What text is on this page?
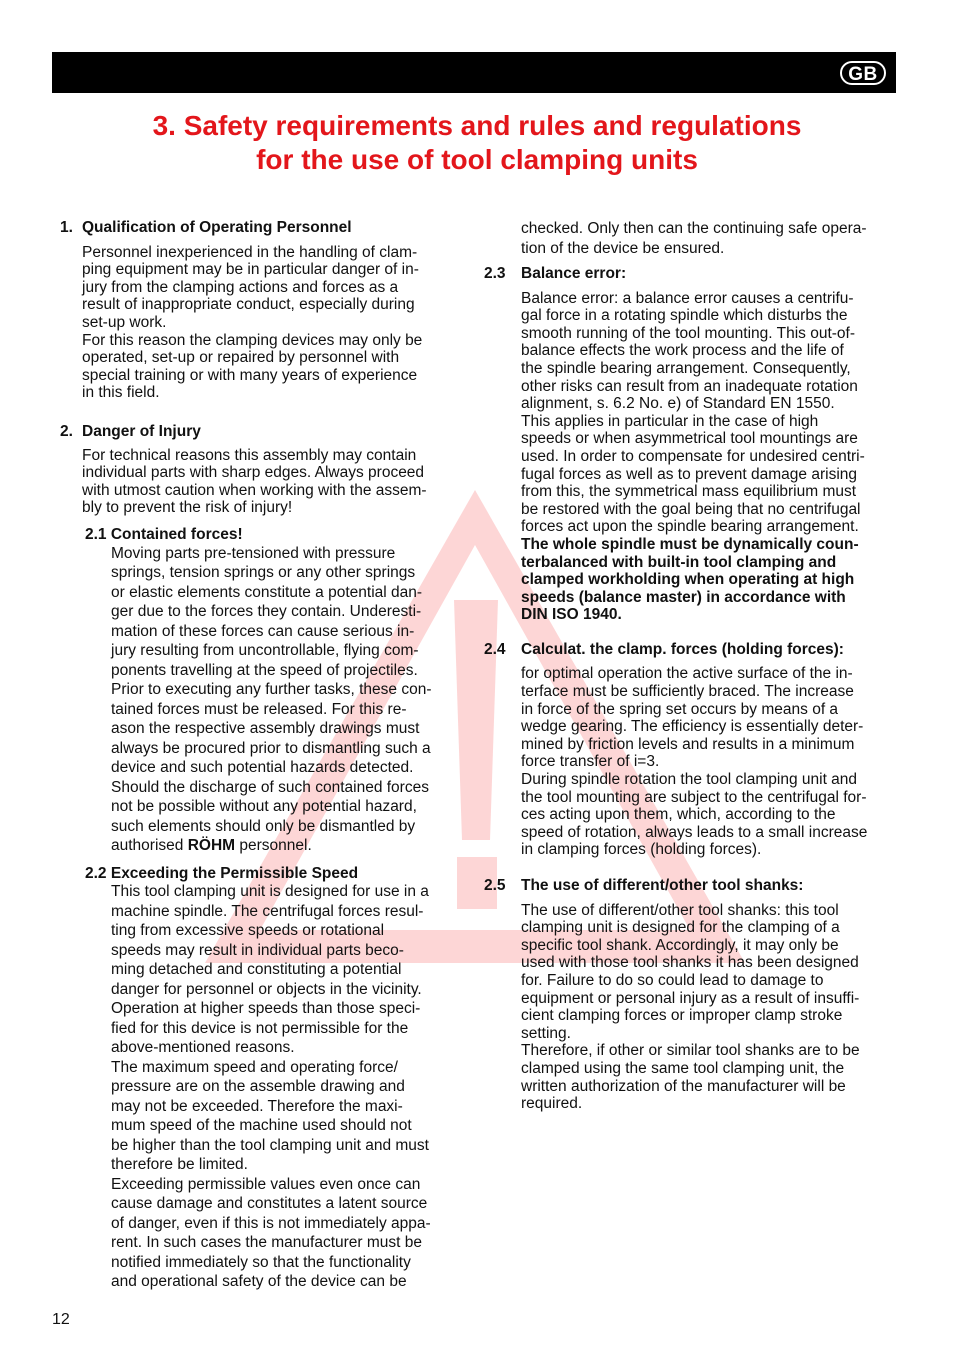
GB
3. Safety requirements and rules and regulations
for the use of tool clamping units
1. Qualification of Operating Personnel
Personnel inexperienced in the handling of clam-
ping equipment may be in particular danger of in-
jury from the clamping actions and forces as a
result of inappropriate conduct, especially during
set-up work.
For this reason the clamping devices may only be
operated, set-up or repaired by personnel with
special training or with many years of experience
in this field.
2. Danger of Injury
For technical reasons this assembly may contain
individual parts with sharp edges. Always proceed
with utmost caution when working with the assem-
bly to prevent the risk of injury!
2.1 Contained forces!
Moving parts pre-tensioned with pressure
springs, tension springs or any other springs
or elastic elements constitute a potential dan-
ger due to the forces they contain. Underesti-
mation of these forces can cause serious in-
jury resulting from uncontrollable, flying com-
ponents travelling at the speed of projectiles.
Prior to executing any further tasks, these con-
tained forces must be released. For this re-
ason the respective assembly drawings must
always be procured prior to dismantling such a
device and such potential hazards detected.
Should the discharge of such contained forces
not be possible without any potential hazard,
such elements should only be dismantled by
authorised RÖHM personnel.
2.2 Exceeding the Permissible Speed
This tool clamping unit is designed for use in a
machine spindle. The centrifugal forces resul-
ting from excessive speeds or rotational
speeds may result in individual parts beco-
ming detached and constituting a potential
danger for personnel or objects in the vicinity.
Operation at higher speeds than those speci-
fied for this device is not permissible for the
above-mentioned reasons.
The maximum speed and operating force/
pressure are on the assemble drawing and
may not be exceeded. Therefore the maxi-
mum speed of the machine used should not
be higher than the tool clamping unit and must
therefore be limited.
Exceeding permissible values even once can
cause damage and constitutes a latent source
of danger, even if this is not immediately appa-
rent. In such cases the manufacturer must be
notified immediately so that the functionality
and operational safety of the device can be
checked. Only then can the continuing safe opera-
tion of the device be ensured.
2.3 Balance error:
Balance error: a balance error causes a centrifu-
gal force in a rotating spindle which disturbs the
smooth running of the tool mounting. This out-of-
balance effects the work process and the life of
the spindle bearing arrangement. Consequently,
other risks can result from an inadequate rotation
alignment, s. 6.2 No. e) of Standard EN 1550.
This applies in particular in the case of high
speeds or when asymmetrical tool mountings are
used. In order to compensate for undesired centri-
fugal forces as well as to prevent damage arising
from this, the symmetrical mass equilibrium must
be restored with the goal being that no centrifugal
forces act upon the spindle bearing arrangement.
The whole spindle must be dynamically coun-
terbalanced with built-in tool clamping and
clamped workholding when operating at high
speeds (balance master) in accordance with
DIN ISO 1940.
2.4 Calculat. the clamp. forces (holding forces):
for optimal operation the active surface of the in-
terface must be sufficiently braced. The increase
in force of the spring set occurs by means of a
wedge gearing. The efficiency is essentially deter-
mined by friction levels and results in a minimum
force transfer of i=3.
During spindle rotation the tool clamping unit and
the tool mounting are subject to the centrifugal for-
ces acting upon them, which, according to the
speed of rotation, always leads to a small increase
in clamping forces (holding forces).
2.5 The use of different/other tool shanks:
The use of different/other tool shanks: this tool
clamping unit is designed for the clamping of a
specific tool shank. Accordingly, it may only be
used with those tool shanks it has been designed
for. Failure to do so could lead to damage to
equipment or personal injury as a result of insuffi-
cient clamping forces or improper clamp stroke
setting.
Therefore, if other or similar tool shanks are to be
clamped using the same tool clamping unit, the
written authorization of the manufacturer will be
required.
12
